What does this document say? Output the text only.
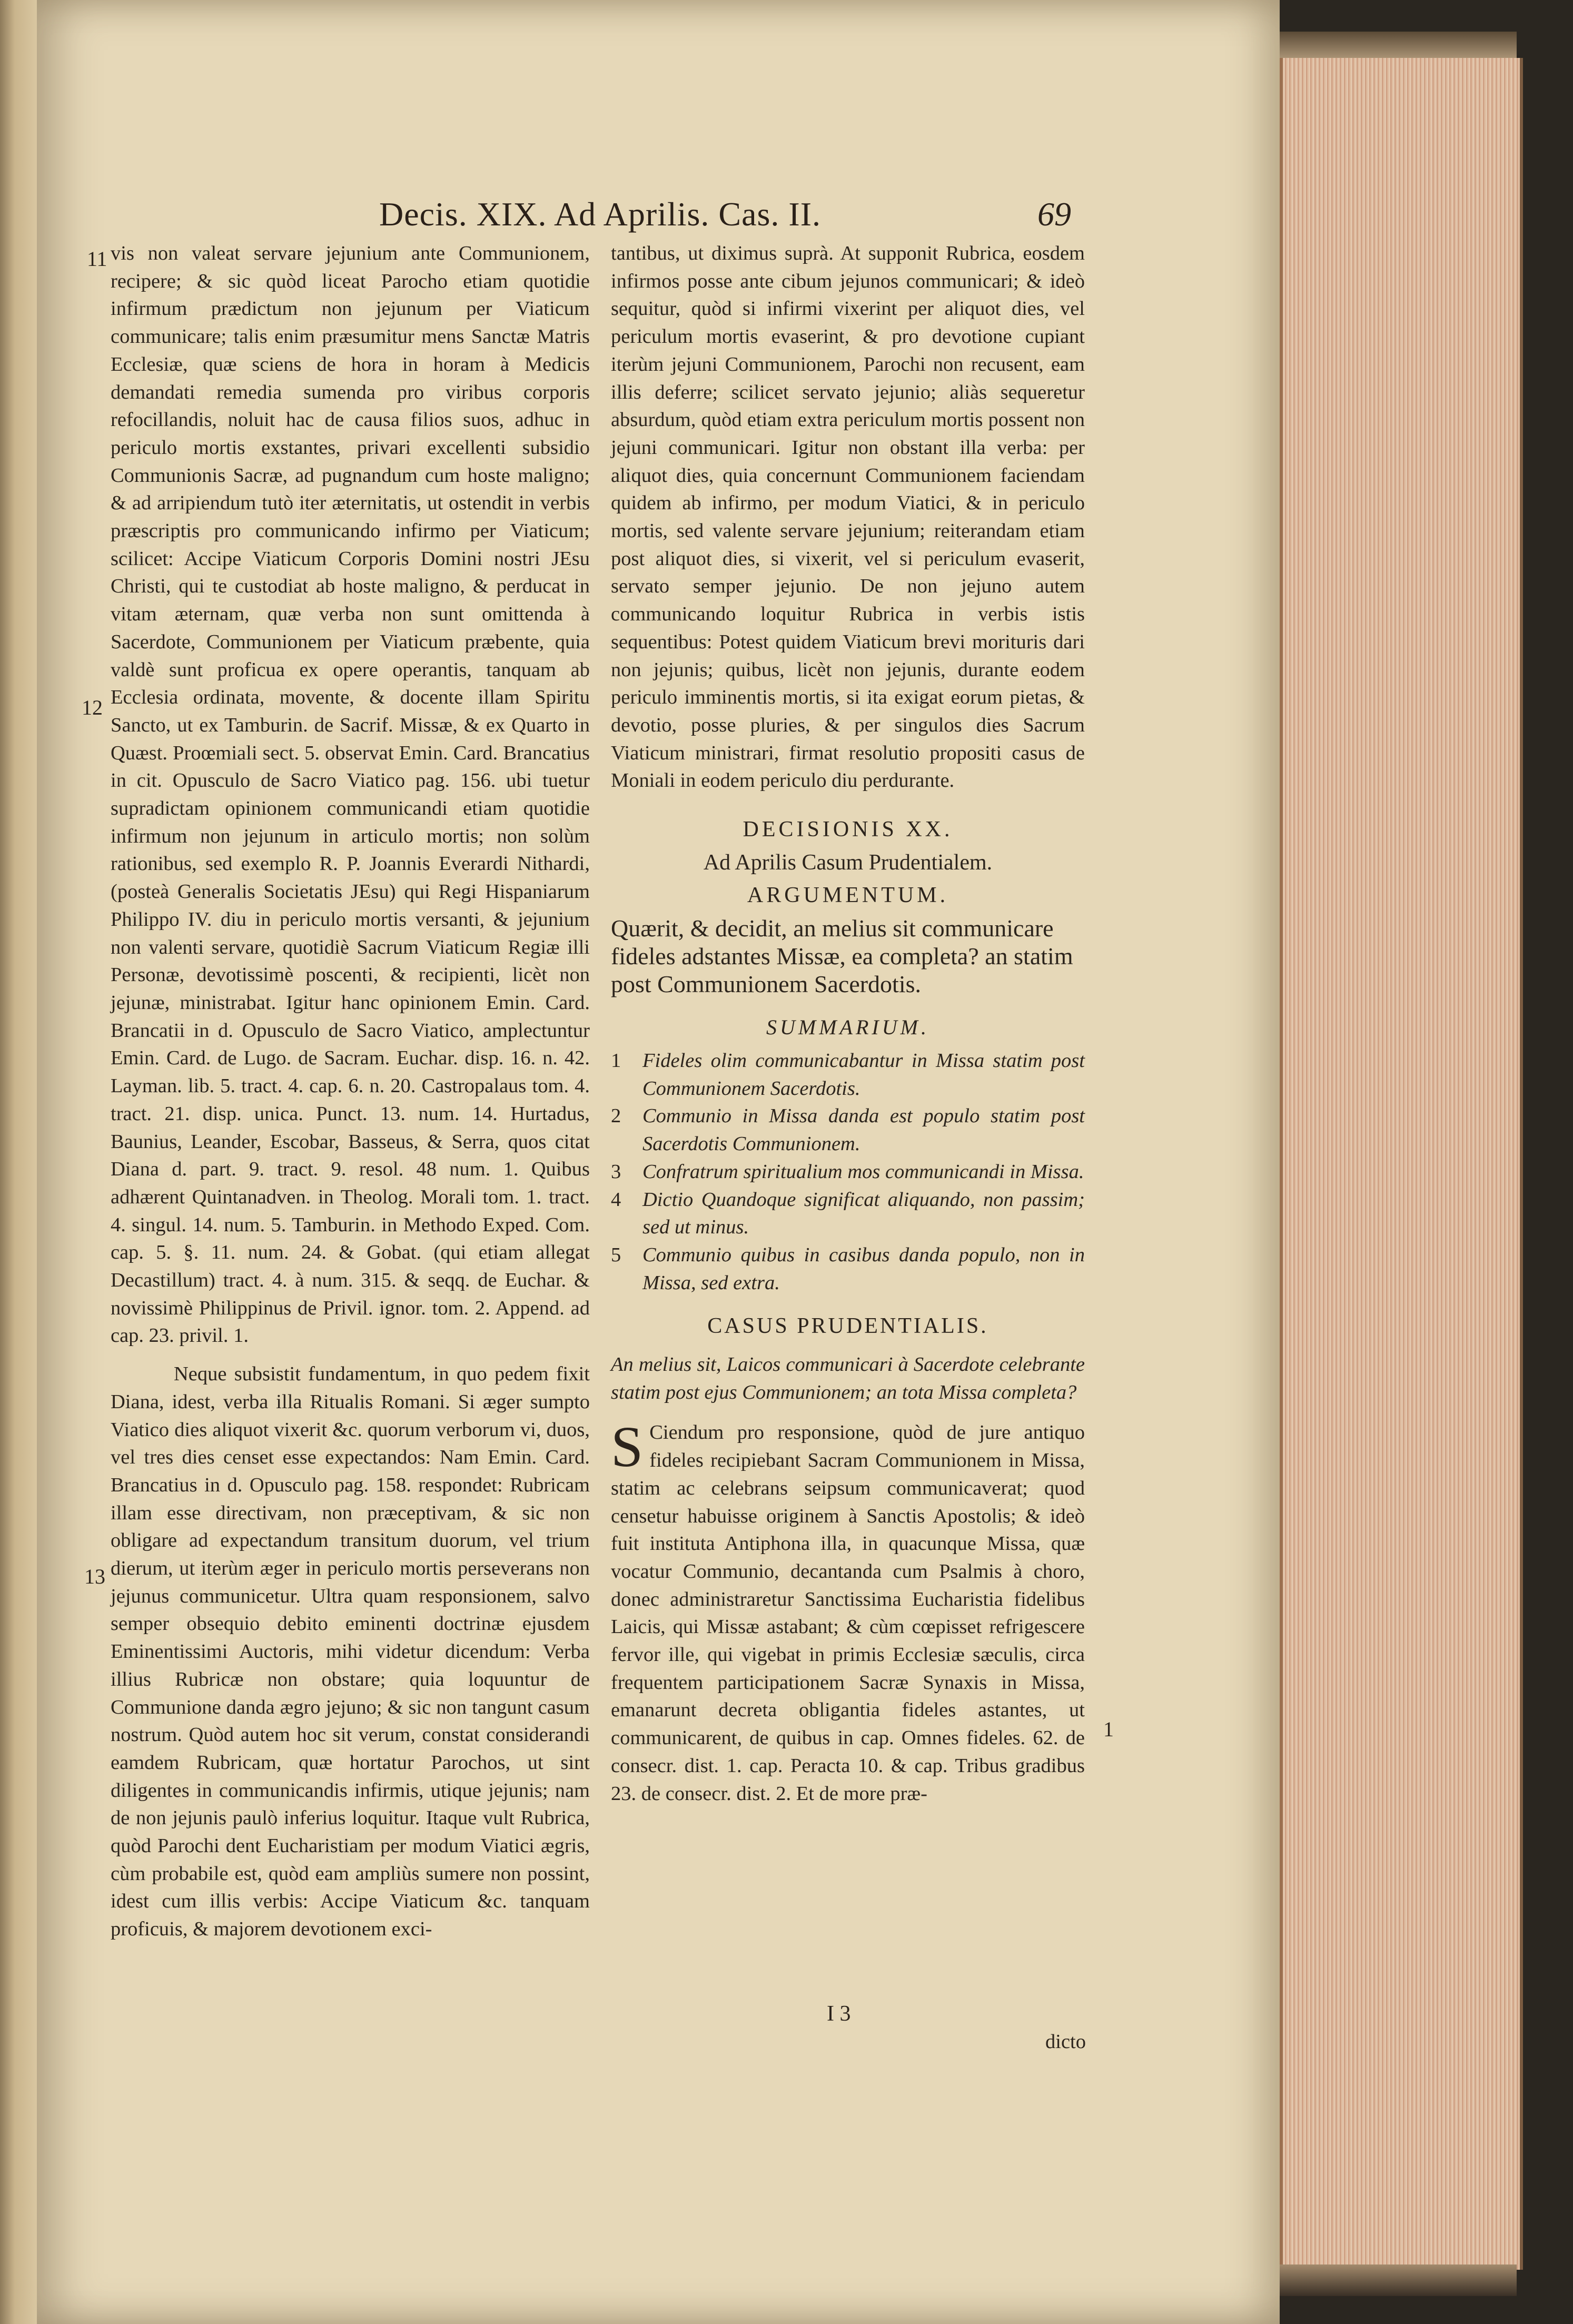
Decis. XIX. Ad Aprilis. Cas. II.	69
11
12
13
1

vis non valeat servare jejunium ante Communionem, recipere; & sic quòd liceat Parocho etiam quotidie infirmum prædictum non jejunum per Viaticum communicare; talis enim præsumitur mens Sanctæ Matris Ecclesiæ, quæ sciens de hora in horam à Medicis demandati remedia sumenda pro viribus corporis refocillandis, noluit hac de causa filios suos, adhuc in periculo mortis exstantes, privari excellenti subsidio Communionis Sacræ, ad pugnandum cum hoste maligno; & ad arripiendum tutò iter æternitatis, ut ostendit in verbis præscriptis pro communicando infirmo per Viaticum; scilicet: Accipe Viaticum Corporis Domini nostri JEsu Christi, qui te custodiat ab hoste maligno, & perducat in vitam æternam, quæ verba non sunt omittenda à Sacerdote, Communionem per Viaticum præbente, quia valdè sunt proficua ex opere operantis, tanquam ab Ecclesia ordinata, movente, & docente illam Spiritu Sancto, ut ex Tamburin. de Sacrif. Missæ, & ex Quarto in Quæst. Proœmiali sect. 5. observat Emin. Card. Brancatius in cit. Opusculo de Sacro Viatico pag. 156. ubi tuetur supradictam opinionem communicandi etiam quotidie infirmum non jejunum in articulo mortis; non solùm rationibus, sed exemplo R. P. Joannis Everardi Nithardi, (posteà Generalis Societatis JEsu) qui Regi Hispaniarum Philippo IV. diu in periculo mortis versanti, & jejunium non valenti servare, quotidiè Sacrum Viaticum Regiæ illi Personæ, devotissimè poscenti, & recipienti, licèt non jejunæ, ministrabat. Igitur hanc opinionem Emin. Card. Brancatii in d. Opusculo de Sacro Viatico, amplectuntur Emin. Card. de Lugo. de Sacram. Euchar. disp. 16. n. 42. Layman. lib. 5. tract. 4. cap. 6. n. 20. Castropalaus tom. 4. tract. 21. disp. unica. Punct. 13. num. 14. Hurtadus, Baunius, Leander, Escobar, Basseus, & Serra, quos citat Diana d. part. 9. tract. 9. resol. 48 num. 1. Quibus adhærent Quintanadven. in Theolog. Morali tom. 1. tract. 4. singul. 14. num. 5. Tamburin. in Methodo Exped. Com. cap. 5. §. 11. num. 24. & Gobat. (qui etiam allegat Decastillum) tract. 4. à num. 315. & seqq. de Euchar. & novissimè Philippinus de Privil. ignor. tom. 2. Append. ad cap. 23. privil. 1.

Neque subsistit fundamentum, in quo pedem fixit Diana, idest, verba illa Ritualis Romani. Si æger sumpto Viatico dies aliquot vixerit &c. quorum verborum vi, duos, vel tres dies censet esse expectandos: Nam Emin. Card. Brancatius in d. Opusculo pag. 158. respondet: Rubricam illam esse directivam, non præceptivam, & sic non obligare ad expectandum transitum duorum, vel trium dierum, ut iterùm æger in periculo mortis perseverans non jejunus communicetur. Ultra quam responsionem, salvo semper obsequio debito eminenti doctrinæ ejusdem Eminentissimi Auctoris, mihi videtur dicendum: Verba illius Rubricæ non obstare; quia loquuntur de Communione danda ægro jejuno; & sic non tangunt casum nostrum. Quòd autem hoc sit verum, constat considerandi eamdem Rubricam, quæ hortatur Parochos, ut sint diligentes in communicandis infirmis, utique jejunis; nam de non jejunis paulò inferius loquitur. Itaque vult Rubrica, quòd Parochi dent Eucharistiam per modum Viatici ægris, cùm probabile est, quòd eam ampliùs sumere non possint, idest cum illis verbis: Accipe Viaticum &c. tanquam proficuis, & majorem devotionem exci-

tantibus, ut diximus suprà. At supponit Rubrica, eosdem infirmos posse ante cibum jejunos communicari; & ideò sequitur, quòd si infirmi vixerint per aliquot dies, vel periculum mortis evaserint, & pro devotione cupiant iterùm jejuni Communionem, Parochi non recusent, eam illis deferre; scilicet servato jejunio; aliàs sequeretur absurdum, quòd etiam extra periculum mortis possent non jejuni communicari. Igitur non obstant illa verba: per aliquot dies, quia concernunt Communionem faciendam quidem ab infirmo, per modum Viatici, & in periculo mortis, sed valente servare jejunium; reiterandam etiam post aliquot dies, si vixerit, vel si periculum evaserit, servato semper jejunio. De non jejuno autem communicando loquitur Rubrica in verbis istis sequentibus: Potest quidem Viaticum brevi morituris dari non jejunis; quibus, licèt non jejunis, durante eodem periculo imminentis mortis, si ita exigat eorum pietas, & devotio, posse pluries, & per singulos dies Sacrum Viaticum ministrari, firmat resolutio propositi casus de Moniali in eodem periculo diu perdurante.

DECISIONIS XX.

Ad Aprilis Casum Prudentialem.

ARGUMENTUM.

Quærit, & decidit, an melius sit communicare fideles adstantes Missæ, ea completa? an statim post Communionem Sacerdotis.

SUMMARIUM.

1 Fideles olim communicabantur in Missa statim post Communionem Sacerdotis.

2 Communio in Missa danda est populo statim post Sacerdotis Communionem.

3 Confratrum spiritualium mos communicandi in Missa.

4 Dictio Quandoque significat aliquando, non passim; sed ut minus.

5 Communio quibus in casibus danda populo, non in Missa, sed extra.

CASUS PRUDENTIALIS.

An melius sit, Laicos communicari à Sacerdote celebrante statim post ejus Communionem; an tota Missa completa?

S Ciendum pro responsione, quòd de jure antiquo fideles recipiebant Sacram Communionem in Missa, statim ac celebrans seipsum communicaverat; quod censetur habuisse originem à Sanctis Apostolis; & ideò fuit instituta Antiphona illa, in quacunque Missa, quæ vocatur Communio, decantanda cum Psalmis à choro, donec administraretur Sanctissima Eucharistia fidelibus Laicis, qui Missæ astabant; & cùm cœpisset refrigescere fervor ille, qui vigebat in primis Ecclesiæ sæculis, circa frequentem participationem Sacræ Synaxis in Missa, emanarunt decreta obligantia fideles astantes, ut communicarent, de quibus in cap. Omnes fideles. 62. de consecr. dist. 1. cap. Peracta 10. & cap. Tribus gradibus 23. de consecr. dist. 2. Et de more præ-

I 3
dicto
